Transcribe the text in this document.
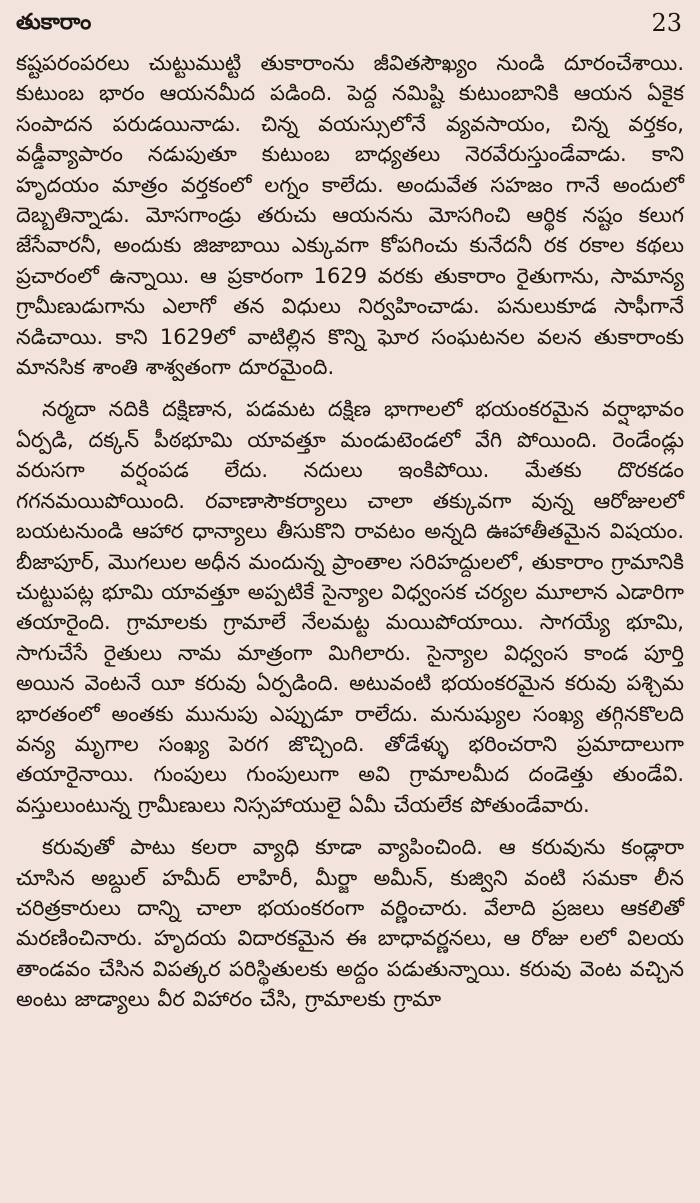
తుకారాం	23

కష్టపరంపరలు చుట్టుముట్టి తుకారాంను జీవితసౌఖ్యం నుండి దూరంచేశాయి. కుటుంబ భారం ఆయనమీద పడింది. పెద్ద నమిష్టి కుటుంబానికి ఆయన ఏకైక సంపాదన పరుడయినాడు. చిన్న వయస్సులోనే వ్యవసాయం, చిన్న వర్తకం, వడ్డీవ్యాపారం నడుపుతూ కుటుంబ బాధ్యతలు నెరవేరుస్తుండేవాడు. కాని హృదయం మాత్రం వర్తకంలో లగ్నం కాలేదు. అందువేత సహజం గానే అందులో దెబ్బతిన్నాడు. మోసగాండ్రు తరుచు ఆయనను మోసగించి ఆర్థిక నష్టం కలుగ జేసేవారనీ, అందుకు జిజాబాయి ఎక్కువగా కోపగించు కునేదనీ రక రకాల కథలు ప్రచారంలో ఉన్నాయి. ఆ ప్రకారంగా 1629 వరకు తుకారాం రైతుగాను, సామాన్య గ్రామీణుడుగాను ఎలాగో తన విధులు నిర్వహించాడు. పనులుకూడ సాఫీగానే నడిచాయి. కాని 1629లో వాటిల్లిన కొన్ని ఘోర సంఘటనల వలన తుకారాంకు మానసిక శాంతి శాశ్వతంగా దూరమైంది.

నర్మదా నదికి దక్షిణాన, పడమట దక్షిణ భాగాలలో భయంకరమైన వర్షాభావం ఏర్పడి, దక్కన్ పీఠభూమి యావత్తూ మండుటెండలో వేగి పోయింది. రెండేండ్లు వరుసగా వర్షంపడ లేదు. నదులు ఇంకిపోయి. మేతకు దొరకడం గగనమయిపోయింది. రవాణాసౌకర్యాలు చాలా తక్కువగా వున్న ఆరోజులలో బయటనుండి ఆహార ధాన్యాలు తీసుకొని రావటం అన్నది ఊహాతీతమైన విషయం. బీజాపూర్, మొగలుల అధీన మందున్న ప్రాంతాల సరిహద్దులలో, తుకారాం గ్రామానికి చుట్టుపట్ల భూమి యావత్తూ అప్పటికే సైన్యాల విధ్వంసక చర్యల మూలాన ఎడారిగా తయారైంది. గ్రామాలకు గ్రామాలే నేలమట్ట మయిపోయాయి. సాగయ్యే భూమి, సాగుచేసే రైతులు నామ మాత్రంగా మిగిలారు. సైన్యాల విధ్వంస కాండ పూర్తి అయిన వెంటనే యీ కరువు ఏర్పడింది. అటువంటి భయంకరమైన కరువు పశ్చిమ భారతంలో అంతకు మునుపు ఎప్పుడూ రాలేదు. మనుష్యుల సంఖ్య తగ్గినకొలది వన్య మృగాల సంఖ్య పెరగ జొచ్చింది. తోడేళ్ళు భరించరాని ప్రమాదాలుగా తయారైనాయి. గుంపులు గుంపులుగా అవి గ్రామాలమీద దండెత్తు తుండేవి. వస్తులుంటున్న గ్రామీణులు నిస్సహాయులై ఏమీ చేయలేక పోతుండేవారు.

కరువుతో పాటు కలరా వ్యాధి కూడా వ్యాపించింది. ఆ కరువును కండ్లారా చూసిన అబ్దుల్ హమీద్ లాహిరీ, మీర్జా అమీన్, కుజ్విని వంటి సమకా లీన చరిత్రకారులు దాన్ని చాలా భయంకరంగా వర్ణించారు. వేలాది ప్రజలు ఆకలితో మరణించినారు. హృదయ విదారకమైన ఈ బాధావర్ణనలు, ఆ రోజు లలో విలయ తాండవం చేసిన విపత్కర పరిస్థితులకు అద్దం పడుతున్నాయి. కరువు వెంట వచ్చిన అంటు జాడ్యాలు వీర విహారం చేసి, గ్రామాలకు గ్రామా
